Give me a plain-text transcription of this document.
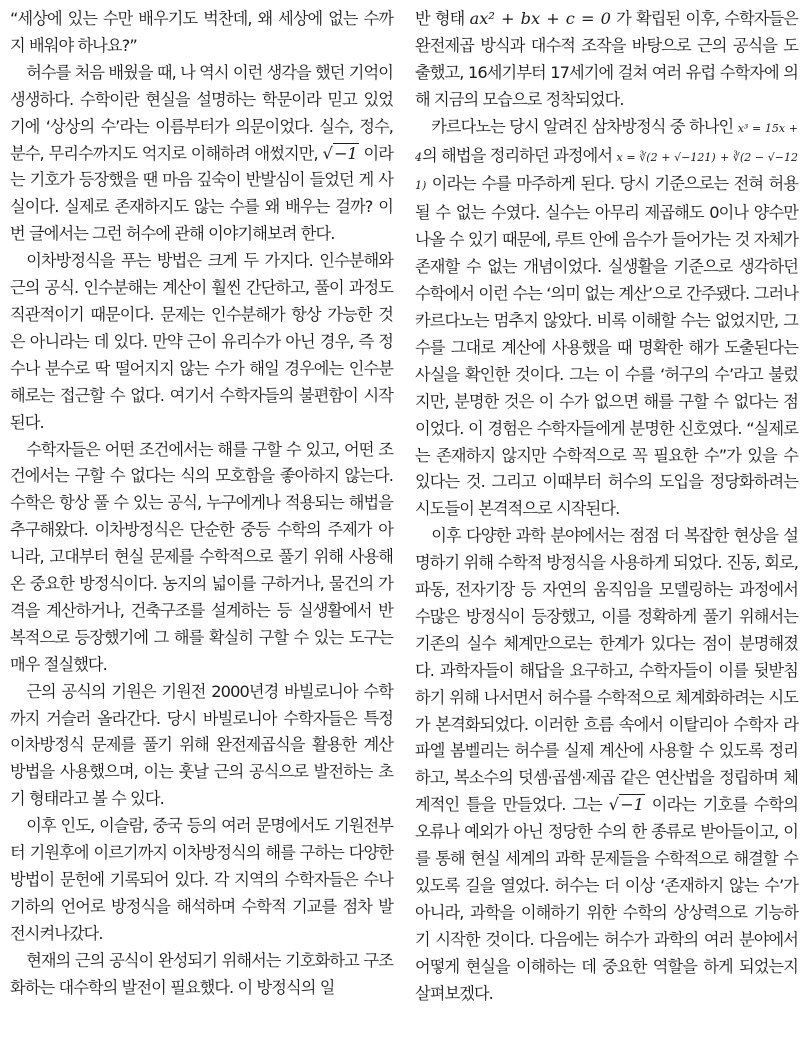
“세상에 있는 수만 배우기도 벅찬데, 왜 세상에 없는 수까지 배워야 하나요?”

허수를 처음 배웠을 때, 나 역시 이런 생각을 했던 기억이 생생하다. 수학이란 현실을 설명하는 학문이라 믿고 있었기에 ‘상상의 수’라는 이름부터가 의문이었다. 실수, 정수, 분수, 무리수까지도 억지로 이해하려 애썼지만, √−1 이라는 기호가 등장했을 땐 마음 깊숙이 반발심이 들었던 게 사실이다. 실제로 존재하지도 않는 수를 왜 배우는 걸까? 이번 글에서는 그런 허수에 관해 이야기해보려 한다.

이차방정식을 푸는 방법은 크게 두 가지다. 인수분해와 근의 공식. 인수분해는 계산이 훨씬 간단하고, 풀이 과정도 직관적이기 때문이다. 문제는 인수분해가 항상 가능한 것은 아니라는 데 있다. 만약 근이 유리수가 아닌 경우, 즉 정수나 분수로 딱 떨어지지 않는 수가 해일 경우에는 인수분해로는 접근할 수 없다. 여기서 수학자들의 불편함이 시작된다.

수학자들은 어떤 조건에서는 해를 구할 수 있고, 어떤 조건에서는 구할 수 없다는 식의 모호함을 좋아하지 않는다. 수학은 항상 풀 수 있는 공식, 누구에게나 적용되는 해법을 추구해왔다. 이차방정식은 단순한 중등 수학의 주제가 아니라, 고대부터 현실 문제를 수학적으로 풀기 위해 사용해온 중요한 방정식이다. 농지의 넓이를 구하거나, 물건의 가격을 계산하거나, 건축구조를 설계하는 등 실생활에서 반복적으로 등장했기에 그 해를 확실히 구할 수 있는 도구는 매우 절실했다.

근의 공식의 기원은 기원전 2000년경 바빌로니아 수학까지 거슬러 올라간다. 당시 바빌로니아 수학자들은 특정 이차방정식 문제를 풀기 위해 완전제곱식을 활용한 계산 방법을 사용했으며, 이는 훗날 근의 공식으로 발전하는 초기 형태라고 볼 수 있다.

이후 인도, 이슬람, 중국 등의 여러 문명에서도 기원전부터 기원후에 이르기까지 이차방정식의 해를 구하는 다양한 방법이 문헌에 기록되어 있다. 각 지역의 수학자들은 수나 기하의 언어로 방정식을 해석하며 수학적 기교를 점차 발전시켜나갔다.

현재의 근의 공식이 완성되기 위해서는 기호화하고 구조화하는 대수학의 발전이 필요했다. 이 방정식의 일

반 형태 ax² + bx + c = 0 가 확립된 이후, 수학자들은 완전제곱 방식과 대수적 조작을 바탕으로 근의 공식을 도출했고, 16세기부터 17세기에 걸쳐 여러 유럽 수학자에 의해 지금의 모습으로 정착되었다.

카르다노는 당시 알려진 삼차방정식 중 하나인 x³ = 15x + 4의 해법을 정리하던 과정에서 x = ∛(2 + √−121) + ∛(2 − √−121) 이라는 수를 마주하게 된다. 당시 기준으로는 전혀 허용될 수 없는 수였다. 실수는 아무리 제곱해도 0이나 양수만 나올 수 있기 때문에, 루트 안에 음수가 들어가는 것 자체가 존재할 수 없는 개념이었다. 실생활을 기준으로 생각하던 수학에서 이런 수는 ‘의미 없는 계산’으로 간주됐다. 그러나 카르다노는 멈추지 않았다. 비록 이해할 수는 없었지만, 그 수를 그대로 계산에 사용했을 때 명확한 해가 도출된다는 사실을 확인한 것이다. 그는 이 수를 ‘허구의 수’라고 불렀지만, 분명한 것은 이 수가 없으면 해를 구할 수 없다는 점이었다. 이 경험은 수학자들에게 분명한 신호였다. “실제로는 존재하지 않지만 수학적으로 꼭 필요한 수”가 있을 수 있다는 것. 그리고 이때부터 허수의 도입을 정당화하려는 시도들이 본격적으로 시작된다.

이후 다양한 과학 분야에서는 점점 더 복잡한 현상을 설명하기 위해 수학적 방정식을 사용하게 되었다. 진동, 회로, 파동, 전자기장 등 자연의 움직임을 모델링하는 과정에서 수많은 방정식이 등장했고, 이를 정확하게 풀기 위해서는 기존의 실수 체계만으로는 한계가 있다는 점이 분명해졌다. 과학자들이 해답을 요구하고, 수학자들이 이를 뒷받침하기 위해 나서면서 허수를 수학적으로 체계화하려는 시도가 본격화되었다. 이러한 흐름 속에서 이탈리아 수학자 라파엘 봄벨리는 허수를 실제 계산에 사용할 수 있도록 정리하고, 복소수의 덧셈·곱셈·제곱 같은 연산법을 정립하며 체계적인 틀을 만들었다. 그는 √−1 이라는 기호를 수학의 오류나 예외가 아닌 정당한 수의 한 종류로 받아들이고, 이를 통해 현실 세계의 과학 문제들을 수학적으로 해결할 수 있도록 길을 열었다. 허수는 더 이상 ‘존재하지 않는 수’가 아니라, 과학을 이해하기 위한 수학의 상상력으로 기능하기 시작한 것이다. 다음에는 허수가 과학의 여러 분야에서 어떻게 현실을 이해하는 데 중요한 역할을 하게 되었는지 살펴보겠다.
